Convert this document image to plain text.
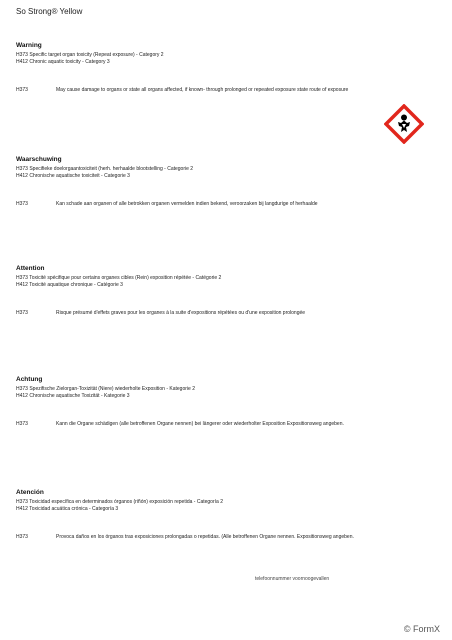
So Strong® Yellow
Warning
H373 Specific target organ toxicity (Repeat exposure) - Category 2
H412 Chronic aquatic toxicity - Category 3
H373	May cause damage to organs or state all organs affected, if known- through prolonged or repeated exposure state route of exposure
Waarschuwing
H373 Specifieke doelorgaantoxiciteit (herh. herhaalde blootstelling - Categorie 2
H412 Chronische aquatische toxiciteit - Categorie 3
H373	Kan schade aan organen of alle betrokken organen vermelden indien bekend, veroorzaken bij langdurige of herhaalde
Attention
H373 Toxicité spécifique pour certains organes cibles (Rein) exposition répétée - Catégorie 2
H412 Toxicité aquatique chronique - Catégorie 3
H373	Risque présumé d'effets graves pour les organes à la suite d'expositions répétées ou d'une exposition prolongée
Achtung
H373 Spezifische Zielorgan-Toxizität (Niere) wiederholte Exposition - Kategorie 2
H412 Chronische aquatische Toxizität - Kategorie 3
H373	Kann die Organe schädigen (alle betroffenen Organe nennen) bei längerer oder wiederholter Exposition Expositionsweg angeben.
Atención
H373 Toxicidad específica en determinados órganos (riñón) exposición repetida - Categoría 2
H412 Toxicidad acuática crónica - Categoría 3
H373	Provoca daños en los órganos tras exposiciones prolongadas o repetidas. (Alle betroffenen Organe nennen. Expositionsweg angeben.
telefoonnummer voornoogevallen
© FormX
